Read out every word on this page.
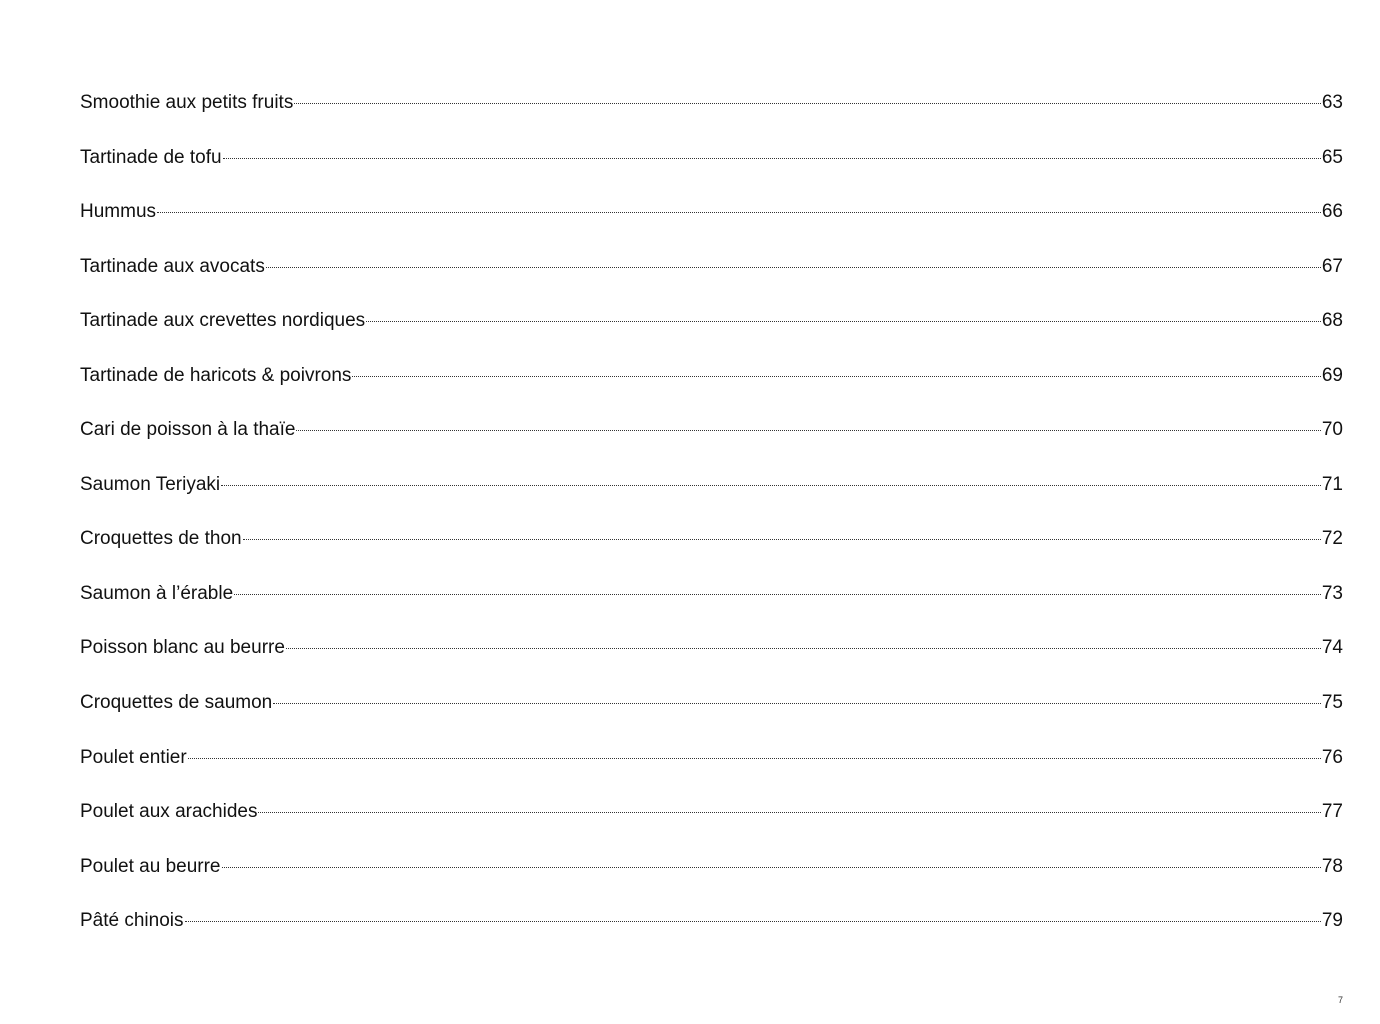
Smoothie aux petits fruits	63
Tartinade de tofu	65
Hummus	66
Tartinade aux avocats	67
Tartinade aux crevettes nordiques	68
Tartinade de haricots & poivrons	69
Cari de poisson à la thaïe	70
Saumon Teriyaki	71
Croquettes de thon	72
Saumon à l’érable	73
Poisson blanc au beurre	74
Croquettes de saumon	75
Poulet entier	76
Poulet aux arachides	77
Poulet au beurre	78
Pâté chinois	79
7
